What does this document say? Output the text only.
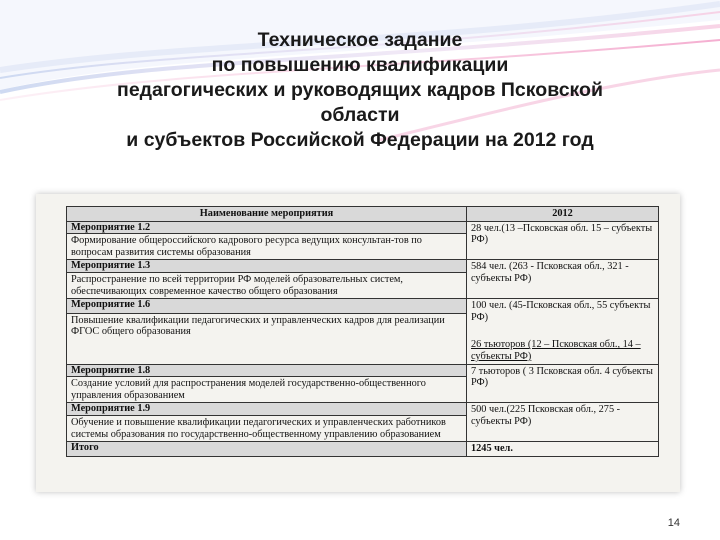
Техническое задание
по повышению квалификации
педагогических и руководящих кадров Псковской
области
и субъектов Российской Федерации на 2012 год
Наименование мероприятия	2012
Мероприятие 1.2	28 чел.(13 –Псковская обл. 15 – субъекты РФ)
Формирование общероссийского кадрового ресурса ведущих консультан-тов по вопросам развития системы образования	
Мероприятие 1.3	584 чел. (263 - Псковская обл., 321 - субъекты РФ)
Распространение по всей территории РФ моделей образовательных систем, обеспечивающих современное качество общего образования	
Мероприятие 1.6	100 чел. (45-Псковская обл., 55 субъекты РФ)
26 тьюторов (12 – Псковская обл., 14 – субъекты РФ)

Повышение квалификации педагогических и управленческих кадров для реализации ФГОС общего образования	
Мероприятие 1.8	7 тьюторов ( 3 Псковская обл. 4 субъекты РФ)
Создание условий для распространения моделей государственно-общественного управления образованием	
Мероприятие 1.9	500 чел.(225 Псковская обл., 275 - субъекты РФ)
Обучение и повышение квалификации педагогических и управленческих работников системы образования по государственно-общественному управлению образованием	
Итого	1245 чел.
14
